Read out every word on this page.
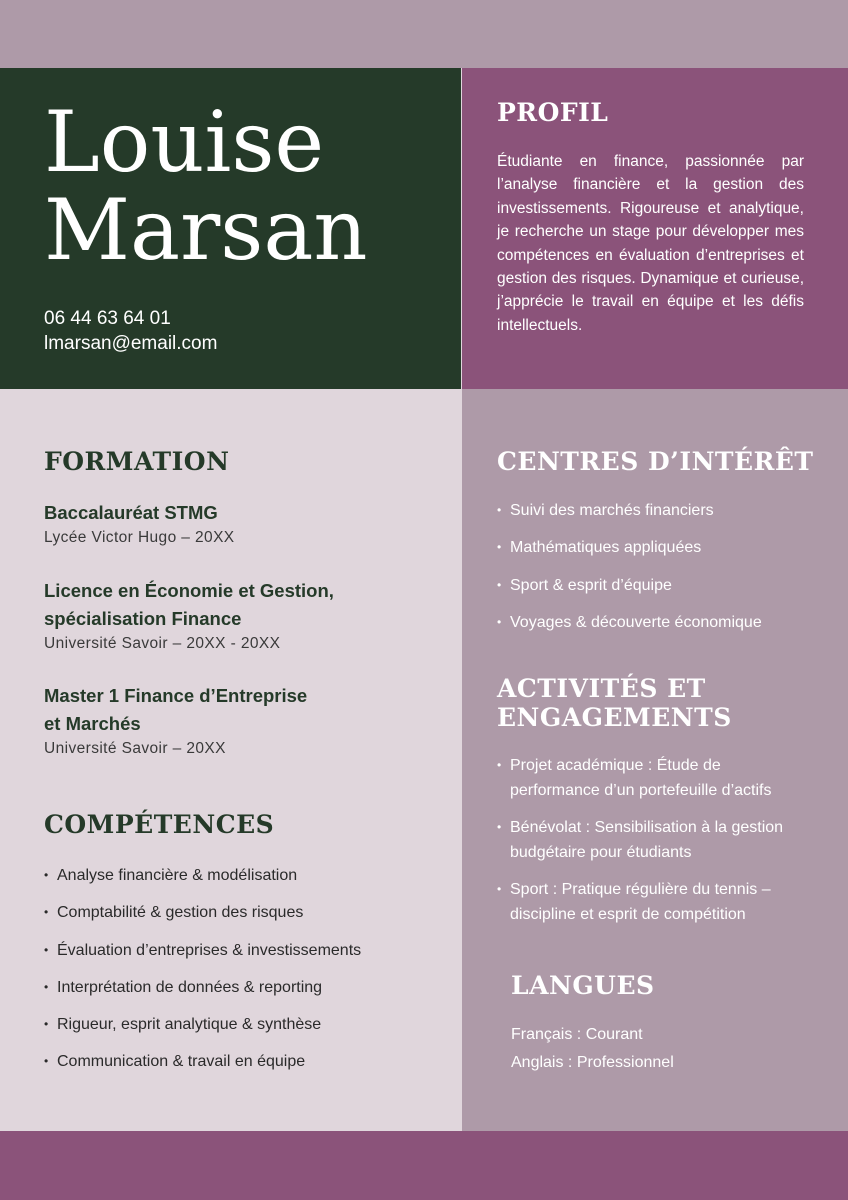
Louise
Marsan
06 44 63 64 01
lmarsan@email.com
PROFIL

Étudiante en finance, passionnée par l’analyse financière et la gestion des investissements. Rigoureuse et analytique, je recherche un stage pour développer mes compétences en évaluation d’entreprises et gestion des risques. Dynamique et curieuse, j’apprécie le travail en équipe et les défis intellectuels.

FORMATION
Baccalauréat STMG
Lycée Victor Hugo – 20XX
Licence en Économie et Gestion,
spécialisation Finance
Université Savoir – 20XX - 20XX
Master 1 Finance d’Entreprise
et Marchés
Université Savoir – 20XX
COMPÉTENCES
• Analyse financière & modélisation
• Comptabilité & gestion des risques
• Évaluation d’entreprises & investissements
• Interprétation de données & reporting
• Rigueur, esprit analytique & synthèse
• Communication & travail en équipe
CENTRES D’INTÉRÊT
• Suivi des marchés financiers
• Mathématiques appliquées
• Sport & esprit d’équipe
• Voyages & découverte économique
ACTIVITÉS ET
ENGAGEMENTS
• Projet académique : Étude de
performance d’un portefeuille d’actifs
• Bénévolat : Sensibilisation à la gestion
budgétaire pour étudiants
• Sport : Pratique régulière du tennis –
discipline et esprit de compétition
LANGUES
Français : Courant
Anglais : Professionnel
